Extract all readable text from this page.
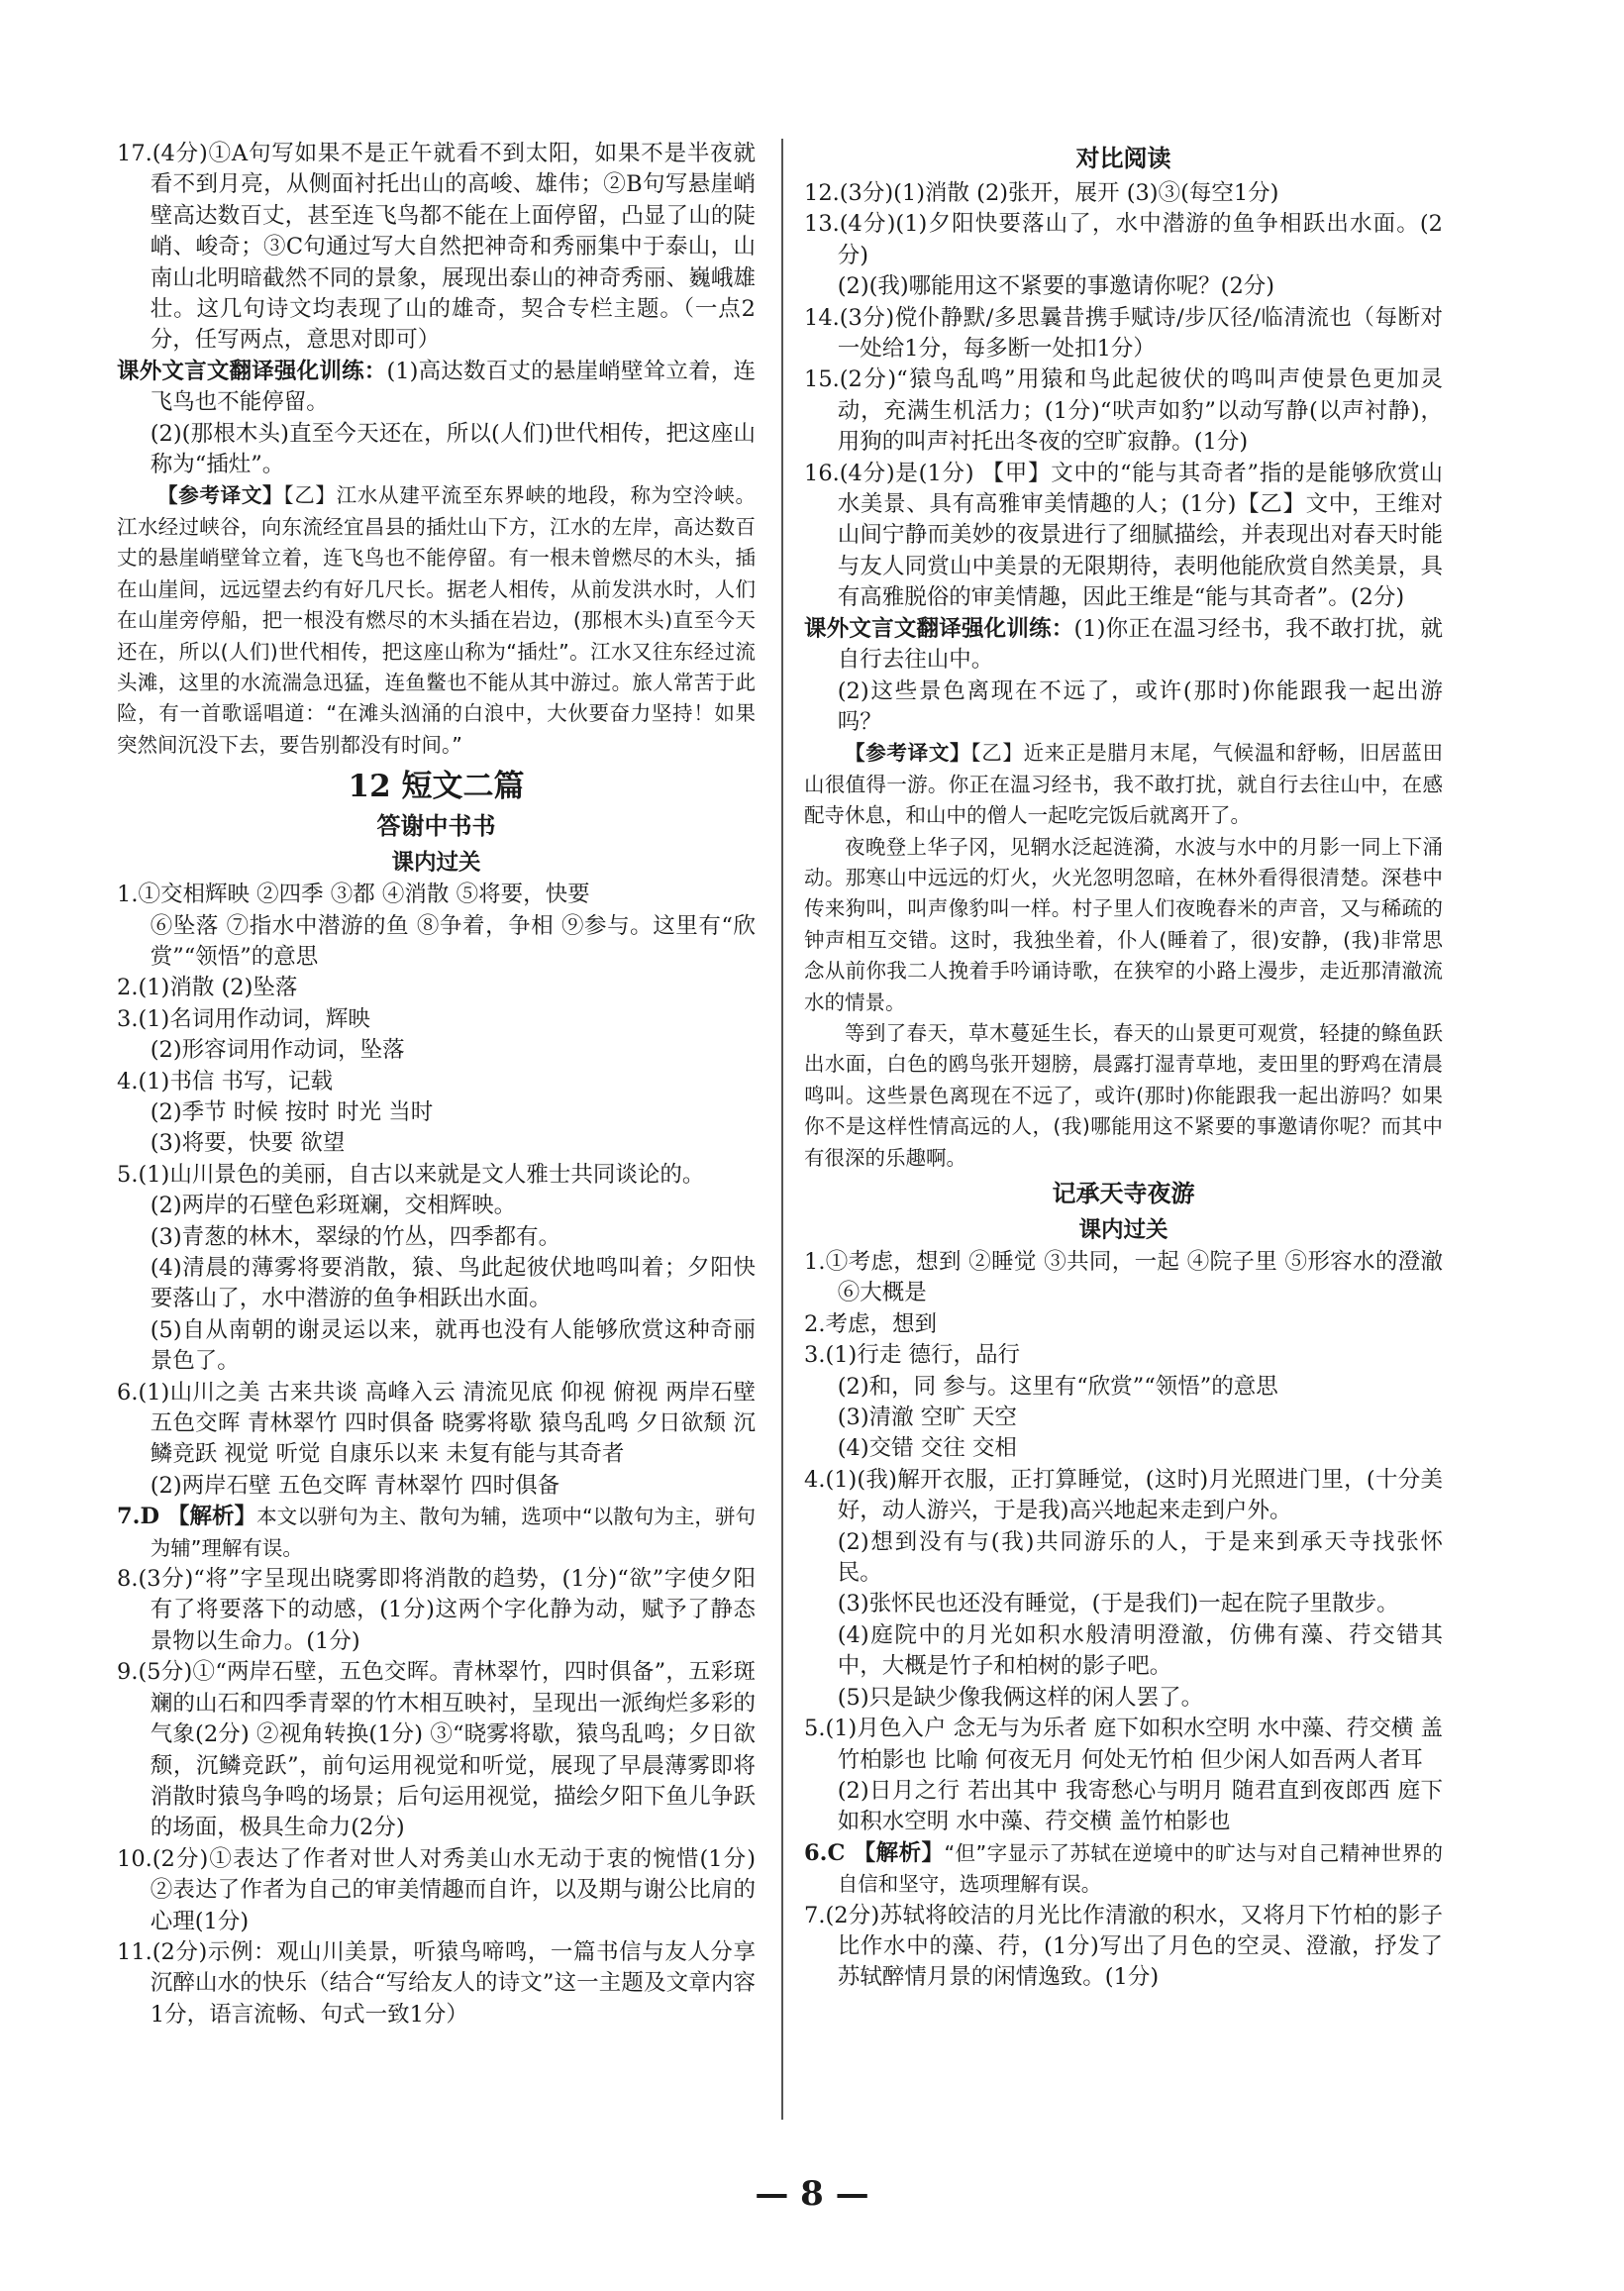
17.(4分)①A句写如果不是正午就看不到太阳，如果不是半夜就看不到月亮，从侧面衬托出山的高峻、雄伟；②B句写悬崖峭壁高达数百丈，甚至连飞鸟都不能在上面停留，凸显了山的陡峭、峻奇；③C句通过写大自然把神奇和秀丽集中于泰山，山南山北明暗截然不同的景象，展现出泰山的神奇秀丽、巍峨雄壮。这几句诗文均表现了山的雄奇，契合专栏主题。（一点2分，任写两点，意思对即可）

课外文言文翻译强化训练：(1)高达数百丈的悬崖峭壁耸立着，连飞鸟也不能停留。

(2)(那根木头)直至今天还在，所以(人们)世代相传，把这座山称为“插灶”。

【参考译文】【乙】江水从建平流至东界峡的地段，称为空泠峡。江水经过峡谷，向东流经宜昌县的插灶山下方，江水的左岸，高达数百丈的悬崖峭壁耸立着，连飞鸟也不能停留。有一根未曾燃尽的木头，插在山崖间，远远望去约有好几尺长。据老人相传，从前发洪水时，人们在山崖旁停船，把一根没有燃尽的木头插在岩边，(那根木头)直至今天还在，所以(人们)世代相传，把这座山称为“插灶”。江水又往东经过流头滩，这里的水流湍急迅猛，连鱼鳖也不能从其中游过。旅人常苦于此险，有一首歌谣唱道：“在滩头汹涌的白浪中，大伙要奋力坚持！如果突然间沉没下去，要告别都没有时间。”

12 短文二篇
答谢中书书
课内过关

1.①交相辉映 ②四季 ③都 ④消散 ⑤将要，快要

⑥坠落 ⑦指水中潜游的鱼 ⑧争着，争相 ⑨参与。这里有“欣赏”“领悟”的意思

2.(1)消散 (2)坠落

3.(1)名词用作动词，辉映

(2)形容词用作动词，坠落

4.(1)书信 书写，记载

(2)季节 时候 按时 时光 当时

(3)将要，快要 欲望

5.(1)山川景色的美丽，自古以来就是文人雅士共同谈论的。

(2)两岸的石壁色彩斑斓，交相辉映。

(3)青葱的林木，翠绿的竹丛，四季都有。

(4)清晨的薄雾将要消散，猿、鸟此起彼伏地鸣叫着；夕阳快要落山了，水中潜游的鱼争相跃出水面。

(5)自从南朝的谢灵运以来，就再也没有人能够欣赏这种奇丽景色了。

6.(1)山川之美 古来共谈 高峰入云 清流见底 仰视 俯视 两岸石壁 五色交晖 青林翠竹 四时俱备 晓雾将歇 猿鸟乱鸣 夕日欲颓 沉鳞竞跃 视觉 听觉 自康乐以来 未复有能与其奇者

(2)两岸石壁 五色交晖 青林翠竹 四时俱备

7.D 【解析】本文以骈句为主、散句为辅，选项中“以散句为主，骈句为辅”理解有误。

8.(3分)“将”字呈现出晓雾即将消散的趋势，(1分)“欲”字使夕阳有了将要落下的动感，(1分)这两个字化静为动，赋予了静态景物以生命力。(1分)

9.(5分)①“两岸石壁，五色交晖。青林翠竹，四时俱备”，五彩斑斓的山石和四季青翠的竹木相互映衬，呈现出一派绚烂多彩的气象(2分) ②视角转换(1分) ③“晓雾将歇，猿鸟乱鸣；夕日欲颓，沉鳞竞跃”，前句运用视觉和听觉，展现了早晨薄雾即将消散时猿鸟争鸣的场景；后句运用视觉，描绘夕阳下鱼儿争跃的场面，极具生命力(2分)

10.(2分)①表达了作者对世人对秀美山水无动于衷的惋惜(1分) ②表达了作者为自己的审美情趣而自许，以及期与谢公比肩的心理(1分)

11.(2分)示例：观山川美景，听猿鸟啼鸣，一篇书信与友人分享沉醉山水的快乐（结合“写给友人的诗文”这一主题及文章内容1分，语言流畅、句式一致1分）

对比阅读

12.(3分)(1)消散 (2)张开，展开 (3)③(每空1分)

13.(4分)(1)夕阳快要落山了，水中潜游的鱼争相跃出水面。(2分)

(2)(我)哪能用这不紧要的事邀请你呢？(2分)

14.(3分)傥仆静默/多思曩昔携手赋诗/步仄径/临清流也（每断对一处给1分，每多断一处扣1分）

15.(2分)“猿鸟乱鸣”用猿和鸟此起彼伏的鸣叫声使景色更加灵动，充满生机活力；(1分)“吠声如豹”以动写静(以声衬静)，用狗的叫声衬托出冬夜的空旷寂静。(1分)

16.(4分)是(1分) 【甲】文中的“能与其奇者”指的是能够欣赏山水美景、具有高雅审美情趣的人；(1分)【乙】文中，王维对山间宁静而美妙的夜景进行了细腻描绘，并表现出对春天时能与友人同赏山中美景的无限期待，表明他能欣赏自然美景，具有高雅脱俗的审美情趣，因此王维是“能与其奇者”。(2分)

课外文言文翻译强化训练：(1)你正在温习经书，我不敢打扰，就自行去往山中。

(2)这些景色离现在不远了，或许(那时)你能跟我一起出游吗？

【参考译文】【乙】近来正是腊月末尾，气候温和舒畅，旧居蓝田山很值得一游。你正在温习经书，我不敢打扰，就自行去往山中，在感配寺休息，和山中的僧人一起吃完饭后就离开了。

夜晚登上华子冈，见辋水泛起涟漪，水波与水中的月影一同上下涌动。那寒山中远远的灯火，火光忽明忽暗，在林外看得很清楚。深巷中传来狗叫，叫声像豹叫一样。村子里人们夜晚舂米的声音，又与稀疏的钟声相互交错。这时，我独坐着，仆人(睡着了，很)安静，(我)非常思念从前你我二人挽着手吟诵诗歌，在狭窄的小路上漫步，走近那清澈流水的情景。

等到了春天，草木蔓延生长，春天的山景更可观赏，轻捷的鲦鱼跃出水面，白色的鸥鸟张开翅膀，晨露打湿青草地，麦田里的野鸡在清晨鸣叫。这些景色离现在不远了，或许(那时)你能跟我一起出游吗？如果你不是这样性情高远的人，(我)哪能用这不紧要的事邀请你呢？而其中有很深的乐趣啊。

记承天寺夜游
课内过关

1.①考虑，想到 ②睡觉 ③共同，一起 ④院子里 ⑤形容水的澄澈 ⑥大概是

2.考虑，想到

3.(1)行走 德行，品行

(2)和，同 参与。这里有“欣赏”“领悟”的意思

(3)清澈 空旷 天空

(4)交错 交往 交相

4.(1)(我)解开衣服，正打算睡觉，(这时)月光照进门里，(十分美好，动人游兴，于是我)高兴地起来走到户外。

(2)想到没有与(我)共同游乐的人，于是来到承天寺找张怀民。

(3)张怀民也还没有睡觉，(于是我们)一起在院子里散步。

(4)庭院中的月光如积水般清明澄澈，仿佛有藻、荇交错其中，大概是竹子和柏树的影子吧。

(5)只是缺少像我俩这样的闲人罢了。

5.(1)月色入户 念无与为乐者 庭下如积水空明 水中藻、荇交横 盖竹柏影也 比喻 何夜无月 何处无竹柏 但少闲人如吾两人者耳

(2)日月之行 若出其中 我寄愁心与明月 随君直到夜郎西 庭下如积水空明 水中藻、荇交横 盖竹柏影也

6.C 【解析】“但”字显示了苏轼在逆境中的旷达与对自己精神世界的自信和坚守，选项理解有误。

7.(2分)苏轼将皎洁的月光比作清澈的积水，又将月下竹柏的影子比作水中的藻、荇，(1分)写出了月色的空灵、澄澈，抒发了苏轼醉情月景的闲情逸致。(1分)

— 8 —
